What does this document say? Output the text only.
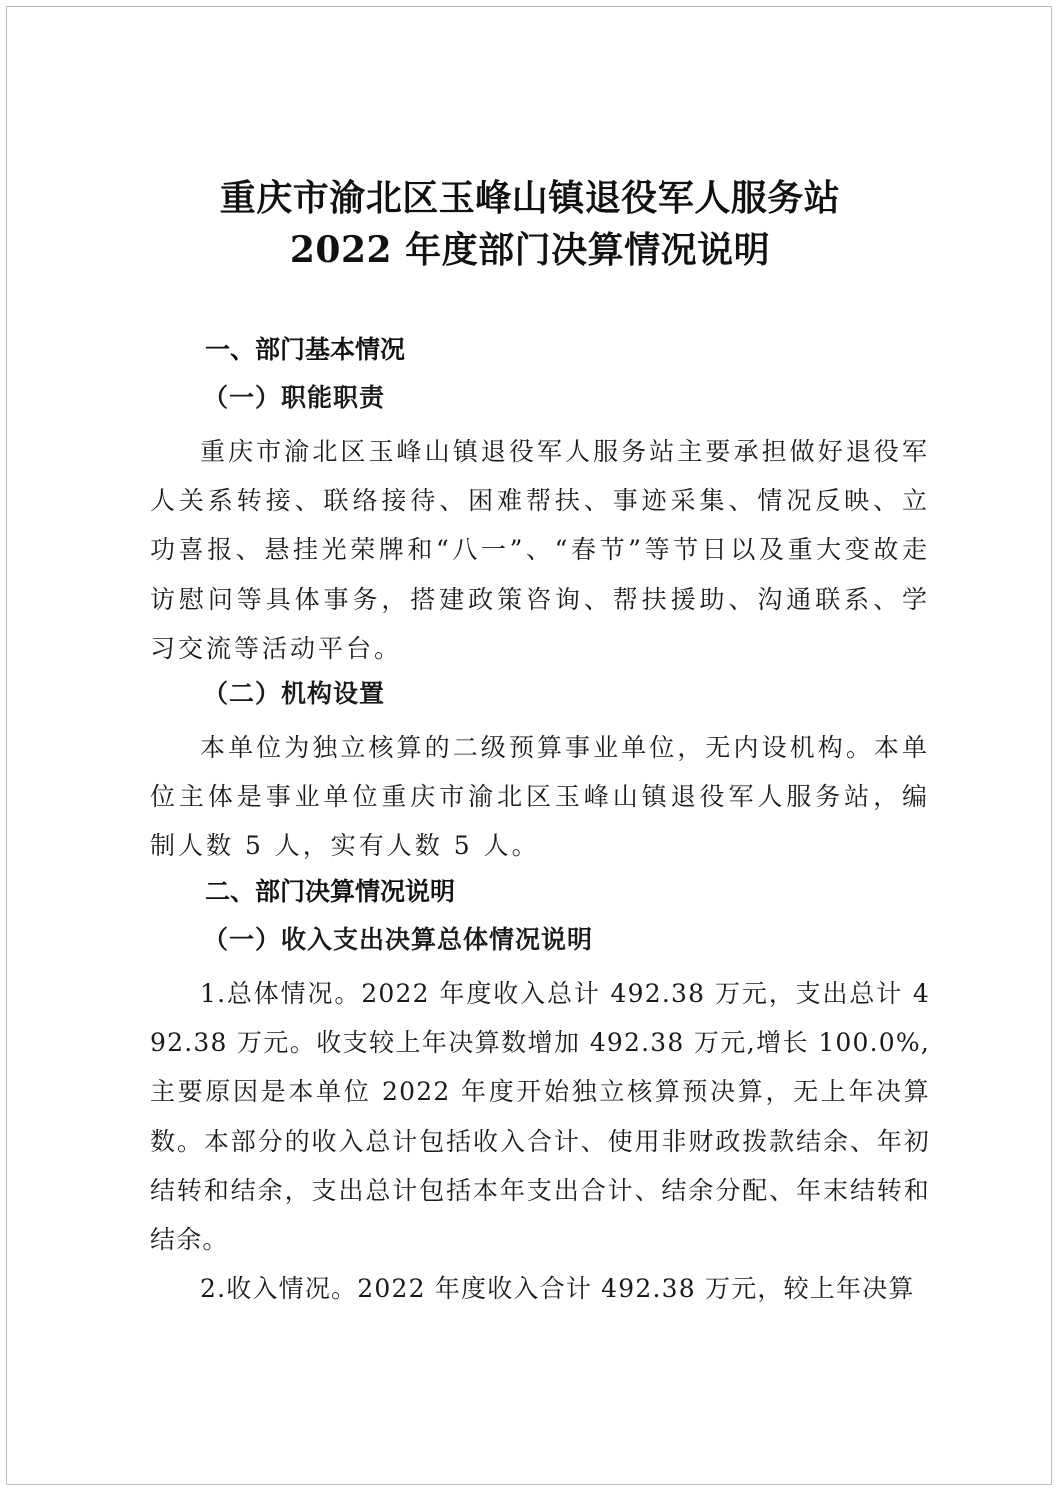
重庆市渝北区玉峰山镇退役军人服务站
2022 年度部门决算情况说明
一、部门基本情况
（一）职能职责

重庆市渝北区玉峰山镇退役军人服务站主要承担做好退役军人关系转接、联络接待、困难帮扶、事迹采集、情况反映、立功喜报、悬挂光荣牌和“八一”、“春节”等节日以及重大变故走访慰问等具体事务，搭建政策咨询、帮扶援助、沟通联系、学习交流等活动平台。

（二）机构设置

本单位为独立核算的二级预算事业单位，无内设机构。本单位主体是事业单位重庆市渝北区玉峰山镇退役军人服务站，编制人数 5 人，实有人数 5 人。

二、部门决算情况说明
（一）收入支出决算总体情况说明

1.总体情况。2022 年度收入总计 492.38 万元，支出总计 492.38 万元。收支较上年决算数增加 492.38 万元,增长 100.0%,主要原因是本单位 2022 年度开始独立核算预决算，无上年决算数。本部分的收入总计包括收入合计、使用非财政拨款结余、年初结转和结余，支出总计包括本年支出合计、结余分配、年末结转和结余。

2.收入情况。2022 年度收入合计 492.38 万元，较上年决算
